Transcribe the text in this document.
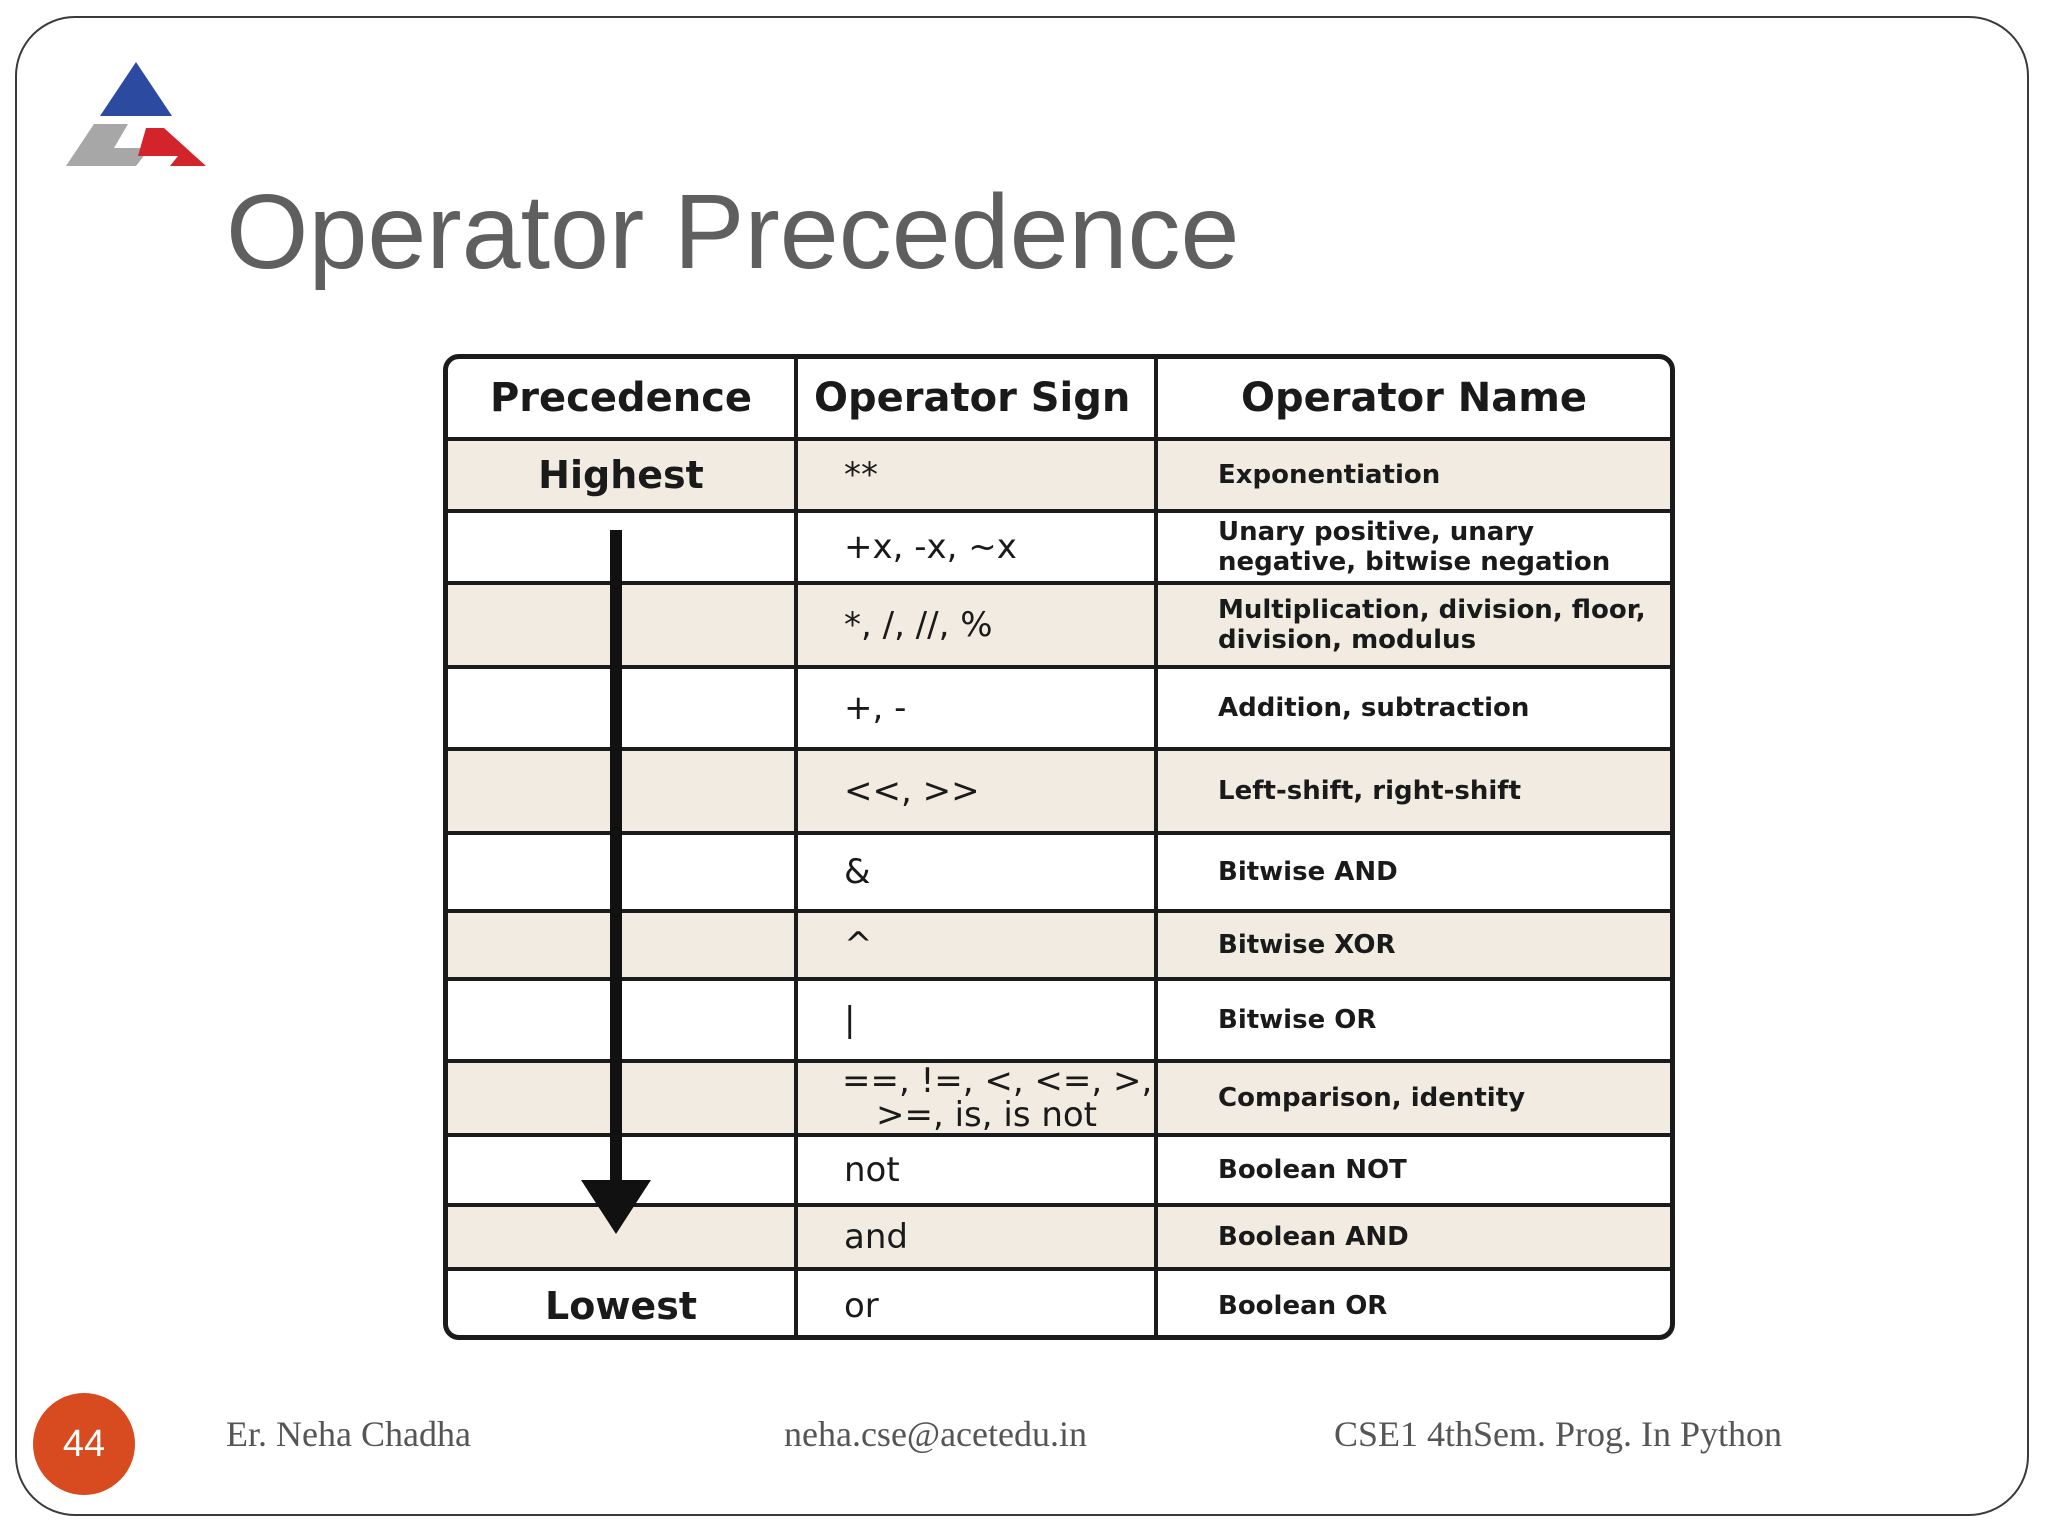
Operator Precedence
Precedence	Operator Sign	Operator Name
Highest	**	Exponentiation

	+x, -x, ~x	Unary positive, unary
negative, bitwise negation

	*, /, //, %	Multiplication, division, floor,
division, modulus

	+, -	Addition, subtraction

	<<, >>	Left-shift, right-shift

	&	Bitwise AND

	^	Bitwise XOR

	|	Bitwise OR

	==, !=, <, <=, >,
>=, is, is not	Comparison, identity

	not	Boolean NOT

	and	Boolean AND

Lowest	or	Boolean OR
44	Er. Neha Chadha	neha.cse@acetedu.in	CSE1 4thSem. Prog. In Python
